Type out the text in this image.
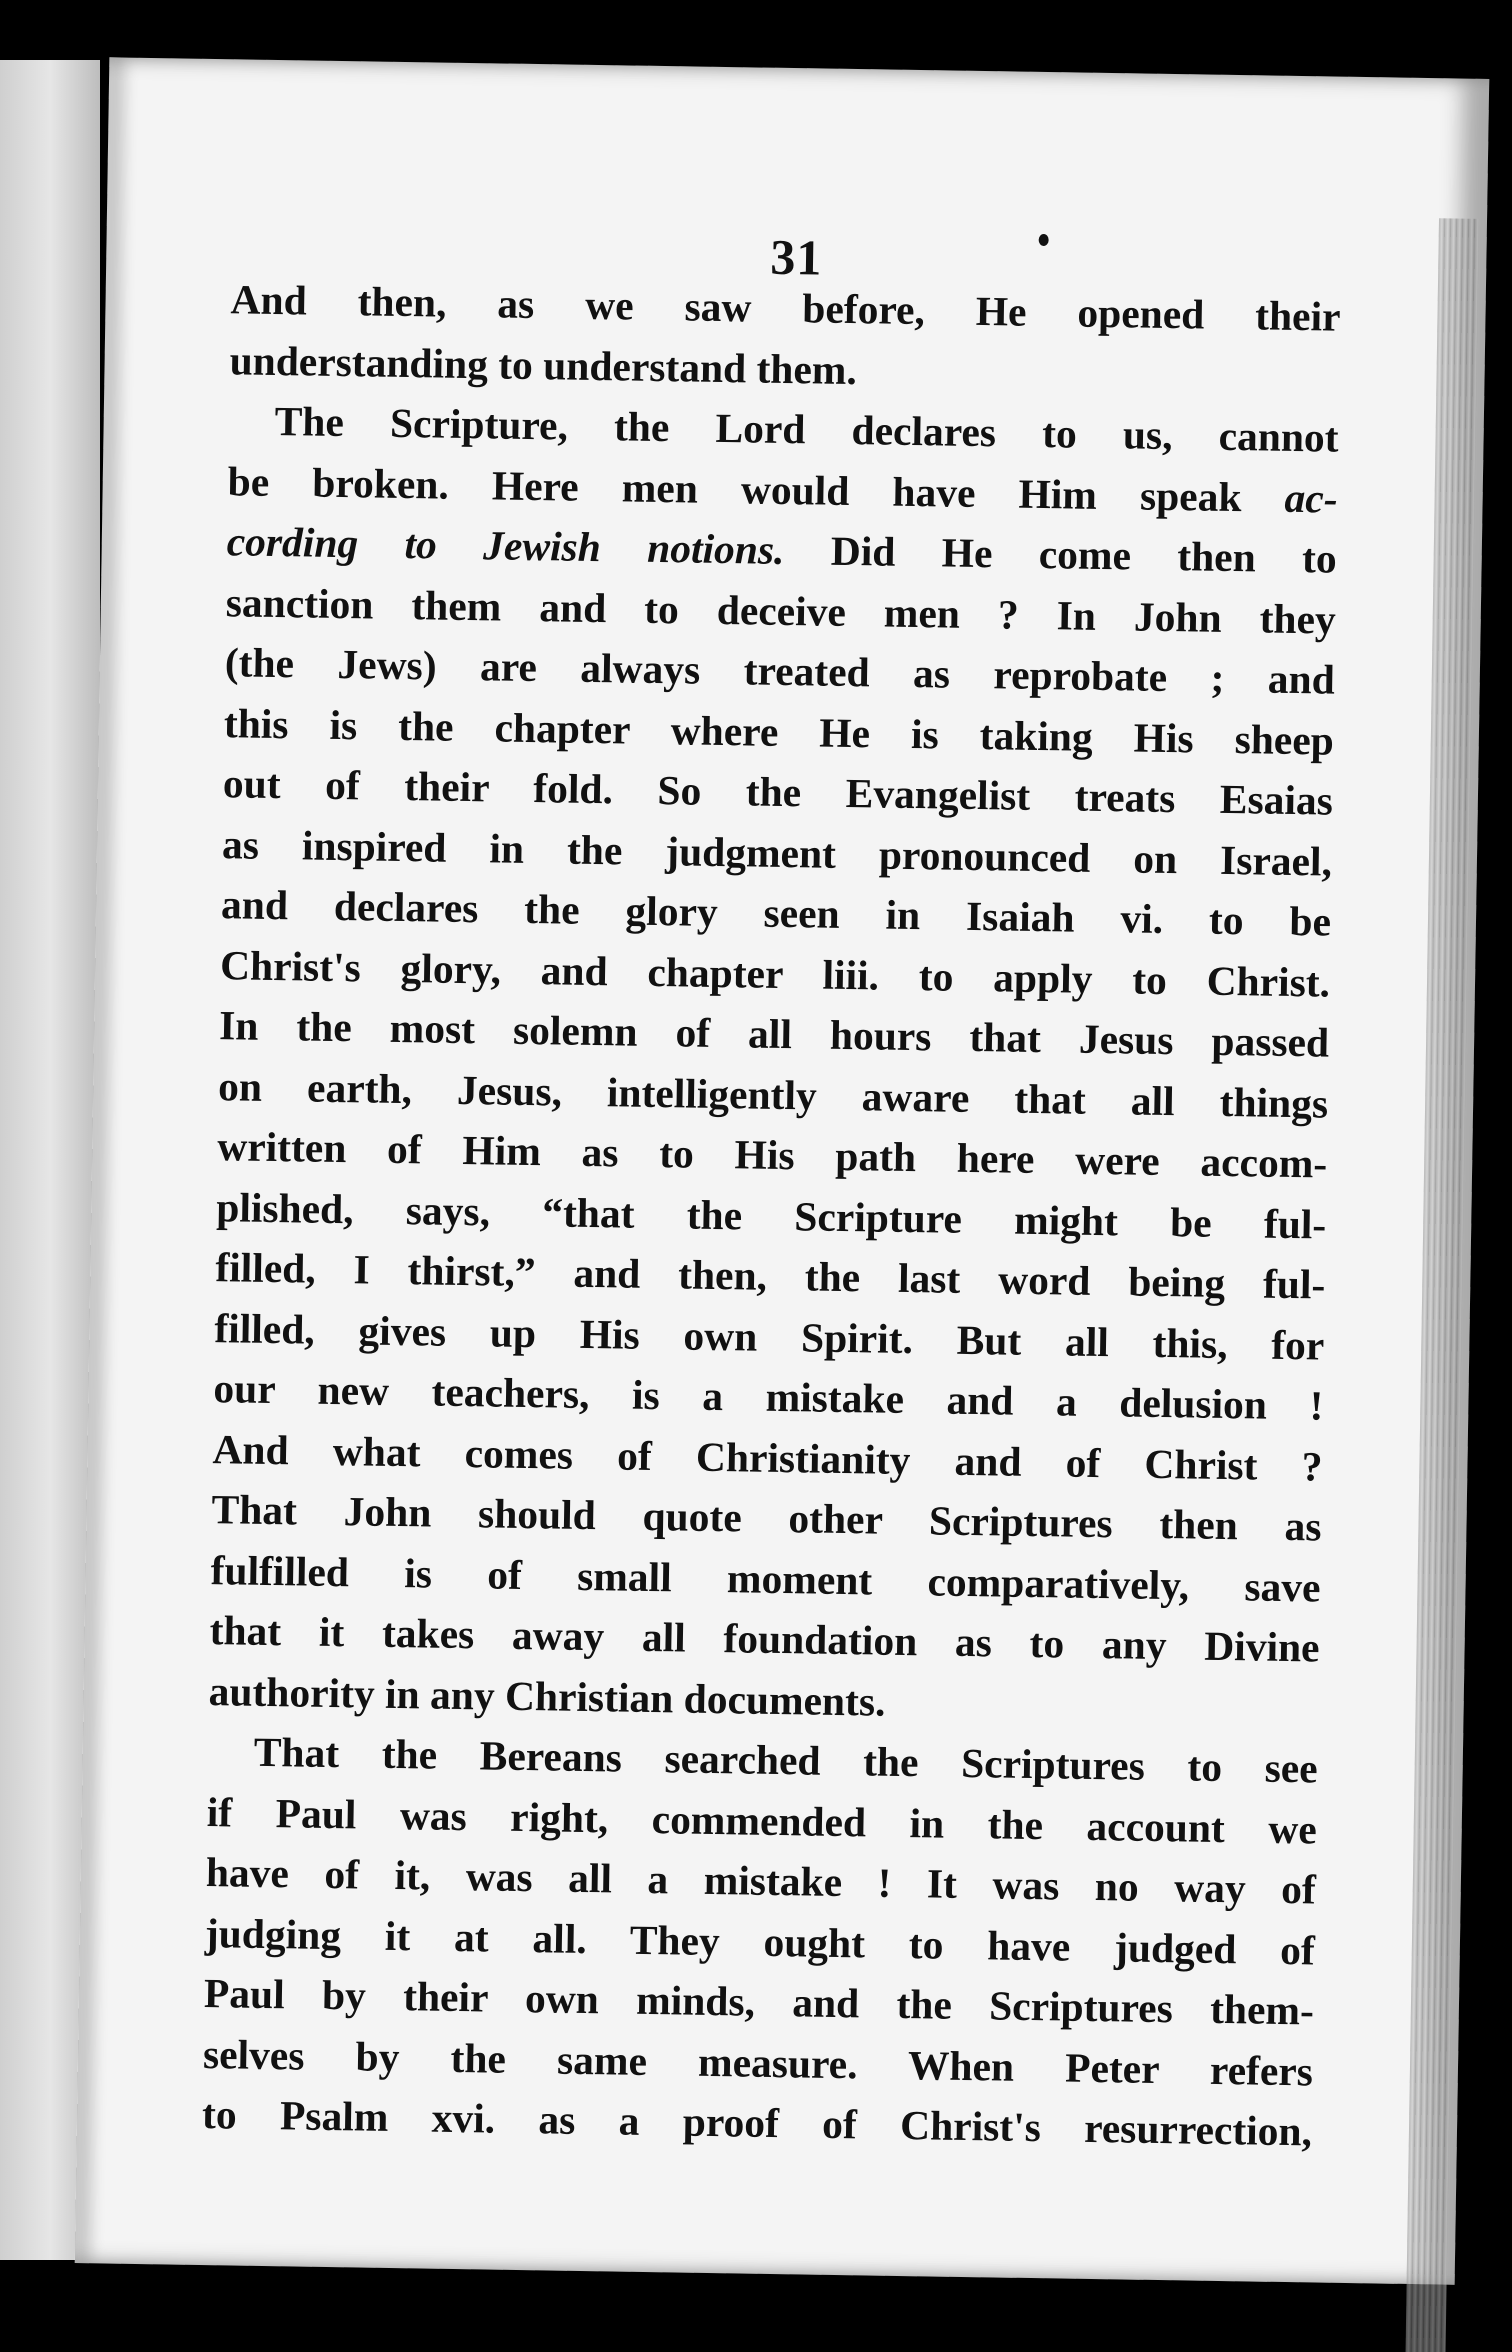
31
And then, as we saw before, He opened their
understanding to understand them.
The Scripture, the Lord declares to us, cannot
be broken. Here men would have Him speak ac-
cording to Jewish notions. Did He come then to
sanction them and to deceive men ? In John they
(the Jews) are always treated as reprobate ; and
this is the chapter where He is taking His sheep
out of their fold. So the Evangelist treats Esaias
as inspired in the judgment pronounced on Israel,
and declares the glory seen in Isaiah vi. to be
Christ's glory, and chapter liii. to apply to Christ.
In the most solemn of all hours that Jesus passed
on earth, Jesus, intelligently aware that all things
written of Him as to His path here were accom-
plished, says, “that the Scripture might be ful-
filled, I thirst,” and then, the last word being ful-
filled, gives up His own Spirit. But all this, for
our new teachers, is a mistake and a delusion !
And what comes of Christianity and of Christ ?
That John should quote other Scriptures then as
fulfilled is of small moment comparatively, save
that it takes away all foundation as to any Divine
authority in any Christian documents.
That the Bereans searched the Scriptures to see
if Paul was right, commended in the account we
have of it, was all a mistake ! It was no way of
judging it at all. They ought to have judged of
Paul by their own minds, and the Scriptures them-
selves by the same measure. When Peter refers
to Psalm xvi. as a proof of Christ's resurrection,
